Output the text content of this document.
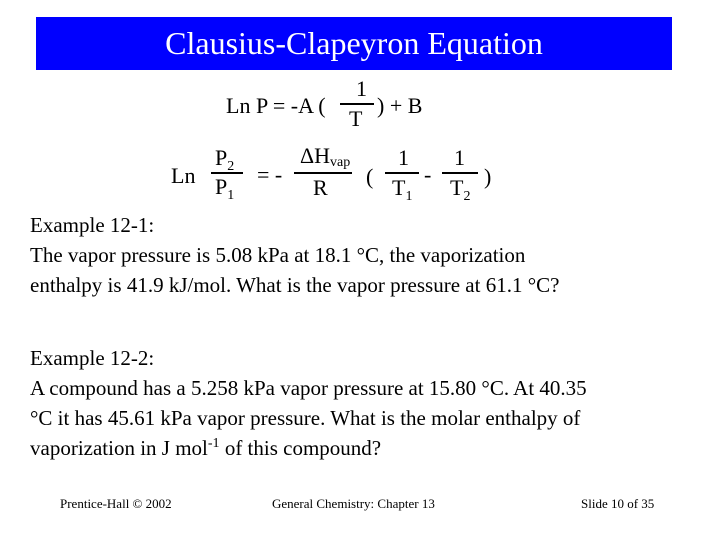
Clausius-Clapeyron Equation
Ln P = -A (
1
T
) + B
Ln
$P_2$
$P_1$
= -
ΔHvap
R (
1
$T_1$
-
1
$T_2$
)
Example 12-1:
The vapor pressure is 5.08 kPa at 18.1 °C, the vaporization
enthalpy is 41.9 kJ/mol. What is the vapor pressure at 61.1 °C?
Example 12-2:
A compound has a 5.258 kPa vapor pressure at 15.80 °C. At 40.35
°C it has 45.61 kPa vapor pressure. What is the molar enthalpy of
vaporization in J mol$^{-1}$ of this compound?
Prentice-Hall © 2002	General Chemistry: Chapter 13	Slide 10 of 35
